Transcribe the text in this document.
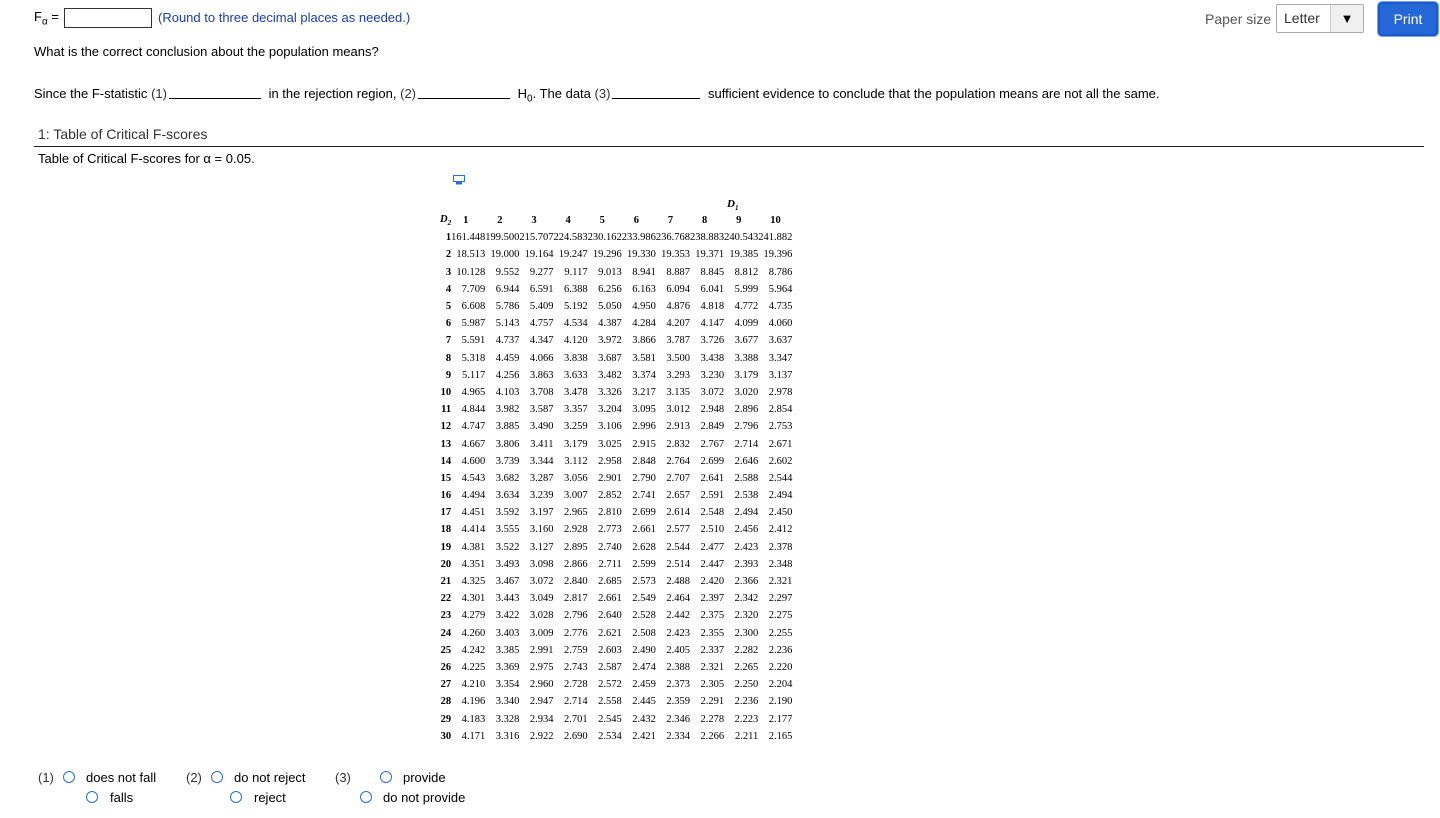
$F_\alpha$ =	(Round to three decimal places as needed.)	Paper size Letter	▼	Print
What is the correct conclusion about the population means?
Since the F-statistic (1)	in the rejection region, (2)	$H_0$. The data (3)	sufficient evidence to conclude that the population means are not all the same.
1: Table of Critical F-scores
Table of Critical F-scores for α = 0.05.
$D_1$
$D_2$	1	2	3	4	5	6	7	8	9	10
1	161.448	199.500	215.707	224.583	230.162	233.986	236.768	238.883	240.543	241.882
2	18.513	19.000	19.164	19.247	19.296	19.330	19.353	19.371	19.385	19.396
3	10.128	9.552	9.277	9.117	9.013	8.941	8.887	8.845	8.812	8.786
4	7.709	6.944	6.591	6.388	6.256	6.163	6.094	6.041	5.999	5.964
5	6.608	5.786	5.409	5.192	5.050	4.950	4.876	4.818	4.772	4.735
6	5.987	5.143	4.757	4.534	4.387	4.284	4.207	4.147	4.099	4.060
7	5.591	4.737	4.347	4.120	3.972	3.866	3.787	3.726	3.677	3.637
8	5.318	4.459	4.066	3.838	3.687	3.581	3.500	3.438	3.388	3.347
9	5.117	4.256	3.863	3.633	3.482	3.374	3.293	3.230	3.179	3.137
10	4.965	4.103	3.708	3.478	3.326	3.217	3.135	3.072	3.020	2.978
11	4.844	3.982	3.587	3.357	3.204	3.095	3.012	2.948	2.896	2.854
12	4.747	3.885	3.490	3.259	3.106	2.996	2.913	2.849	2.796	2.753
13	4.667	3.806	3.411	3.179	3.025	2.915	2.832	2.767	2.714	2.671
14	4.600	3.739	3.344	3.112	2.958	2.848	2.764	2.699	2.646	2.602
15	4.543	3.682	3.287	3.056	2.901	2.790	2.707	2.641	2.588	2.544
16	4.494	3.634	3.239	3.007	2.852	2.741	2.657	2.591	2.538	2.494
17	4.451	3.592	3.197	2.965	2.810	2.699	2.614	2.548	2.494	2.450
18	4.414	3.555	3.160	2.928	2.773	2.661	2.577	2.510	2.456	2.412
19	4.381	3.522	3.127	2.895	2.740	2.628	2.544	2.477	2.423	2.378
20	4.351	3.493	3.098	2.866	2.711	2.599	2.514	2.447	2.393	2.348
21	4.325	3.467	3.072	2.840	2.685	2.573	2.488	2.420	2.366	2.321
22	4.301	3.443	3.049	2.817	2.661	2.549	2.464	2.397	2.342	2.297
23	4.279	3.422	3.028	2.796	2.640	2.528	2.442	2.375	2.320	2.275
24	4.260	3.403	3.009	2.776	2.621	2.508	2.423	2.355	2.300	2.255
25	4.242	3.385	2.991	2.759	2.603	2.490	2.405	2.337	2.282	2.236
26	4.225	3.369	2.975	2.743	2.587	2.474	2.388	2.321	2.265	2.220
27	4.210	3.354	2.960	2.728	2.572	2.459	2.373	2.305	2.250	2.204
28	4.196	3.340	2.947	2.714	2.558	2.445	2.359	2.291	2.236	2.190
29	4.183	3.328	2.934	2.701	2.545	2.432	2.346	2.278	2.223	2.177
30	4.171	3.316	2.922	2.690	2.534	2.421	2.334	2.266	2.211	2.165
(1) does not fall
falls
(2) do not reject
reject
(3)	provide
do not provide
